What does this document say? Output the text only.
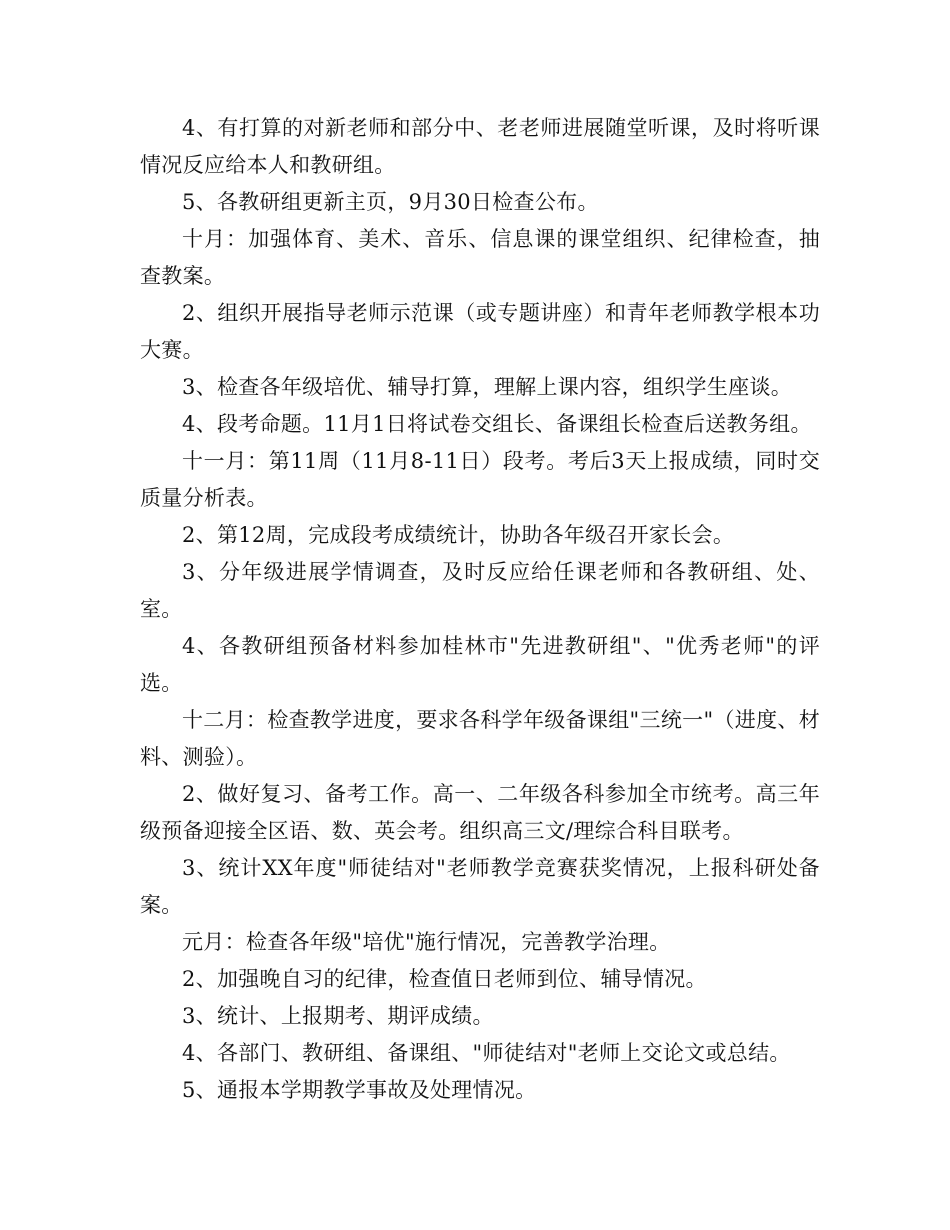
4、有打算的对新老师和部分中、老老师进展随堂听课，及时将听课情况反应给本人和教研组。

5、各教研组更新主页，9月30日检查公布。

十月：加强体育、美术、音乐、信息课的课堂组织、纪律检查，抽查教案。

2、组织开展指导老师示范课（或专题讲座）和青年老师教学根本功大赛。

3、检查各年级培优、辅导打算，理解上课内容，组织学生座谈。

4、段考命题。11月1日将试卷交组长、备课组长检查后送教务组。

十一月：第11周（11月8-11日）段考。考后3天上报成绩，同时交质量分析表。

2、第12周，完成段考成绩统计，协助各年级召开家长会。

3、分年级进展学情调查，及时反应给任课老师和各教研组、处、室。

4、各教研组预备材料参加桂林市"先进教研组"、"优秀老师"的评选。

十二月：检查教学进度，要求各科学年级备课组"三统一"（进度、材料、测验）。

2、做好复习、备考工作。高一、二年级各科参加全市统考。高三年级预备迎接全区语、数、英会考。组织高三文/理综合科目联考。

3、统计XX年度"师徒结对"老师教学竞赛获奖情况，上报科研处备案。

元月：检查各年级"培优"施行情况，完善教学治理。

2、加强晚自习的纪律，检查值日老师到位、辅导情况。

3、统计、上报期考、期评成绩。

4、各部门、教研组、备课组、"师徒结对"老师上交论文或总结。

5、通报本学期教学事故及处理情况。
